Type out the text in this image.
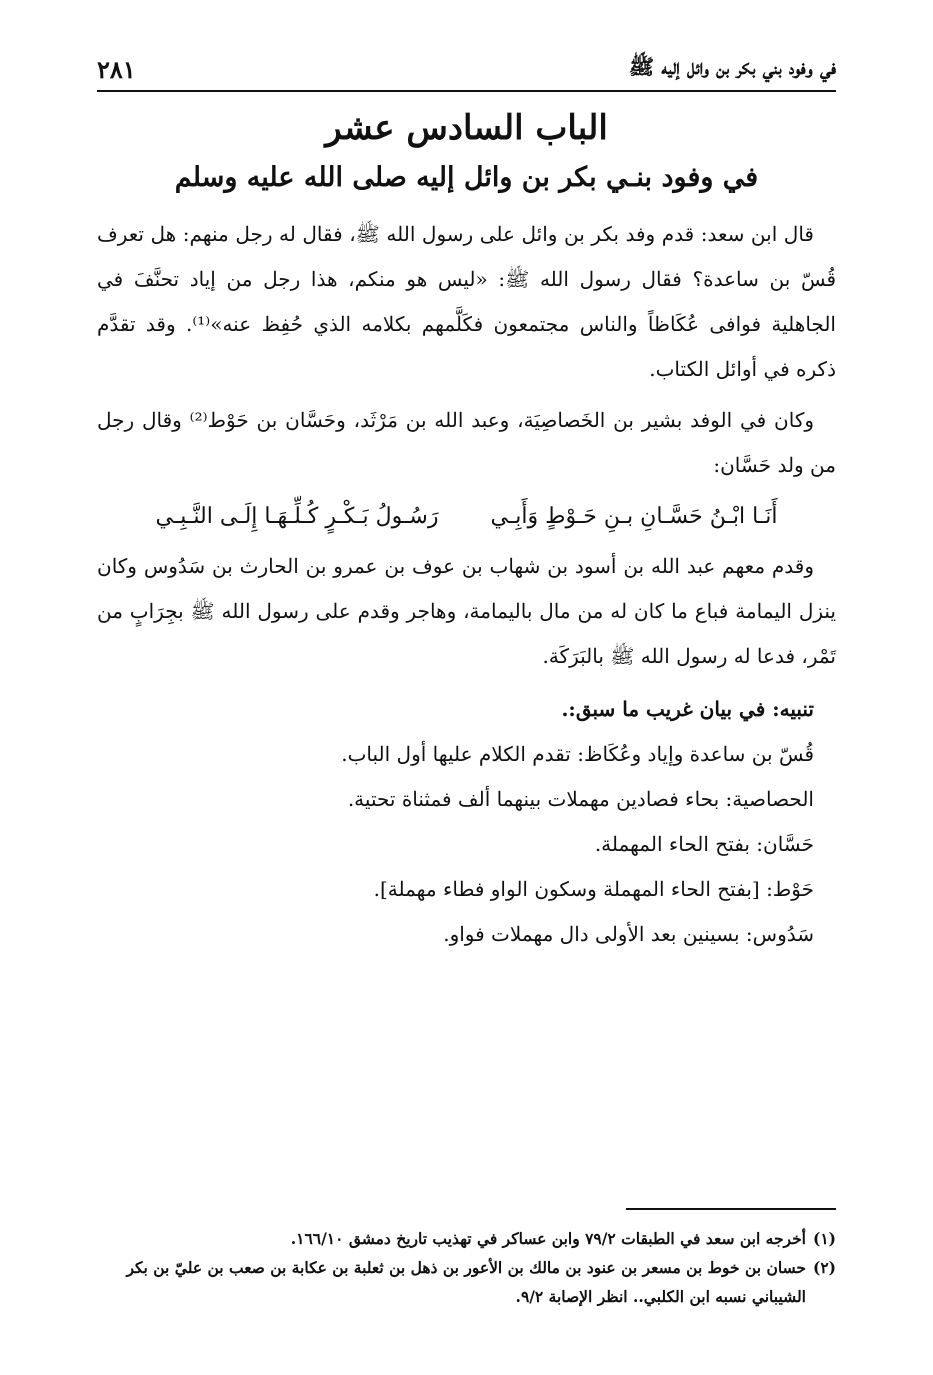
في وفود بني بكر بن وائل إليه ﷺ
٢٨١
الباب السادس عشر
في وفود بنـي بكر بن وائل إليه صلى الله عليه وسلم

قال ابن سعد: قدم وفد بكر بن وائل على رسول الله ﷺ، فقال له رجل منهم: هل تعرف قُسّ بن ساعدة؟ فقال رسول الله ﷺ: «ليس هو منكم، هذا رجل من إياد تحنَّفَ في الجاهلية فوافى عُكَاظاً والناس مجتمعون فكَلَّمهم بكلامه الذي حُفِظ عنه»⁽¹⁾. وقد تقدَّم ذكره في أوائل الكتاب.

وكان في الوفد بشير بن الخَصاصِيَة، وعبد الله بن مَرْثَد، وحَسَّان بن حَوْط⁽²⁾ وقال رجل من ولد حَسَّان:

أَنَـا ابْـنُ حَسَّـانِ بـنِ حَـوْطٍ وَأَبِـي
رَسُـولُ بَـكْـرٍ كُـلِّـهَـا إِلَـى النَّـبِـي

وقدم معهم عبد الله بن أسود بن شهاب بن عوف بن عمرو بن الحارث بن سَدُوس وكان ينزل اليمامة فباع ما كان له من مال باليمامة، وهاجر وقدم على رسول الله ﷺ بجِرَابٍ من تَمْر، فدعا له رسول الله ﷺ بالبَرَكَة.

تنبيه: في بيان غريب ما سبق:.

قُسّ بن ساعدة وإياد وعُكَاظ: تقدم الكلام عليها أول الباب.

الحصاصية: بحاء فصادين مهملات بينهما ألف فمثناة تحتية.

حَسَّان: بفتح الحاء المهملة.

حَوْط: [بفتح الحاء المهملة وسكون الواو فطاء مهملة].

سَدُوس: بسينين بعد الأولى دال مهملات فواو.

(١)أخرجه ابن سعد في الطبقات ٧٩/٢ وابن عساكر في تهذيب تاريخ دمشق ١٦٦/١٠.

(٢)حسان بن خوط بن مسعر بن عنود بن مالك بن الأعور بن ذهل بن ثعلبة بن عكابة بن صعب بن عليّ بن بكر الشيباني نسبه ابن الكلبي.. انظر الإصابة ٩/٢.
